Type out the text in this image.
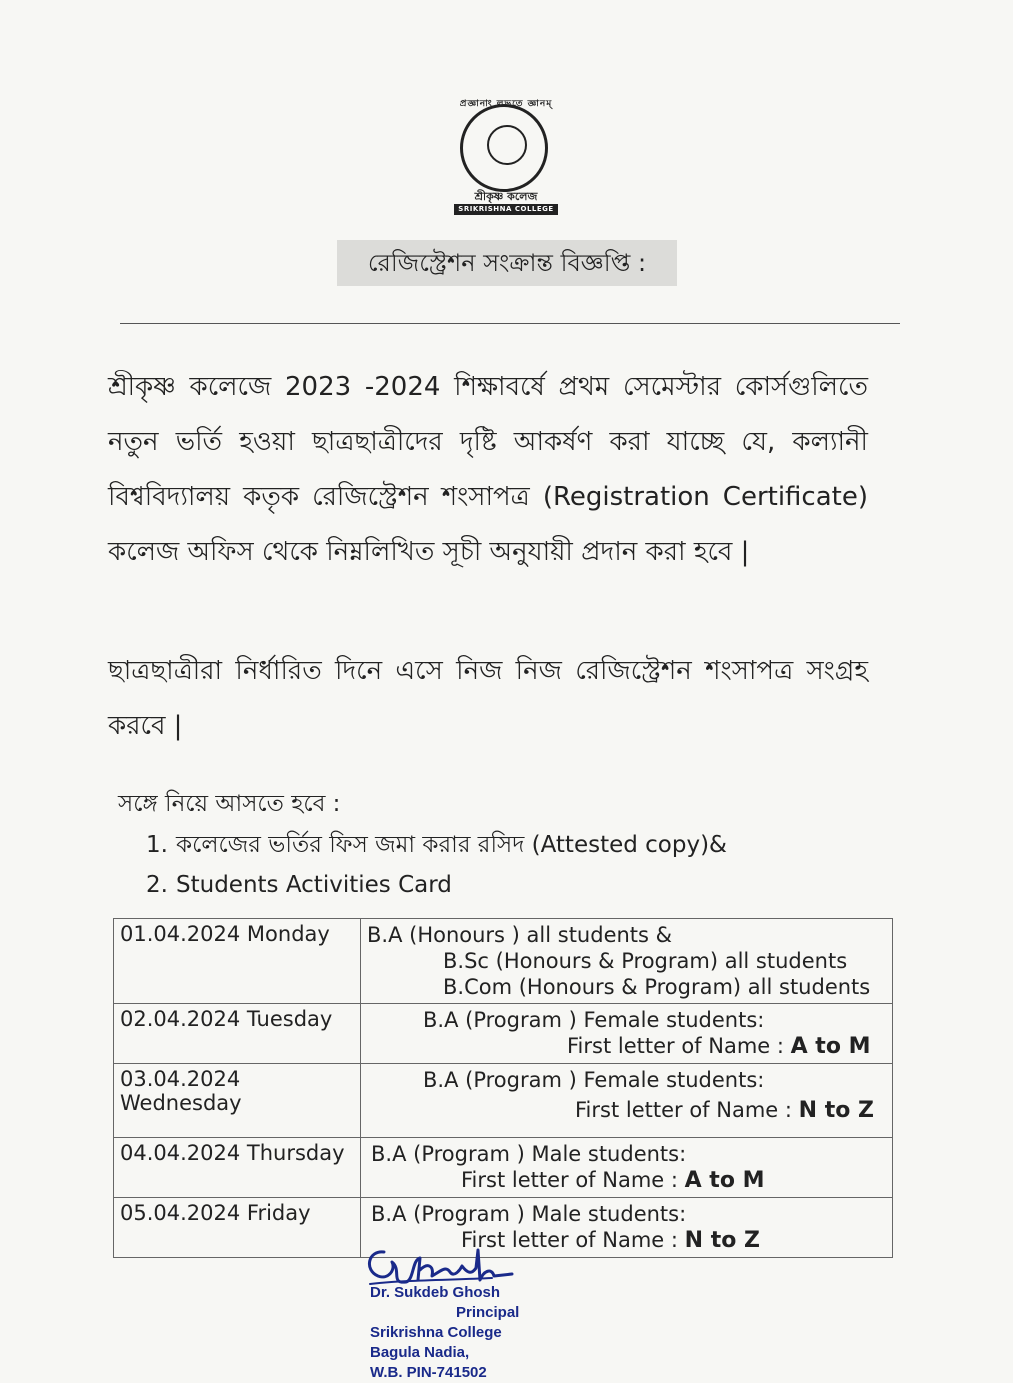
প্রজ্ঞানাং লভতে জ্ঞানম্
শ্রীকৃষ্ণ কলেজ
SRIKRISHNA COLLEGE
রেজিস্ট্রেশন সংক্রান্ত বিজ্ঞপ্তি :
শ্রীকৃষ্ণ কলেজে 2023 -2024 শিক্ষাবর্ষে প্রথম সেমেস্টার কোর্সগুলিতে নতুন ভর্তি হওয়া ছাত্রছাত্রীদের দৃষ্টি আকর্ষণ করা যাচ্ছে যে, কল্যানী বিশ্ববিদ্যালয় কতৃক রেজিস্ট্রেশন শংসাপত্র (Registration Certificate) কলেজ অফিস থেকে নিম্নলিখিত সূচী অনুযায়ী প্রদান করা হবে |
ছাত্রছাত্রীরা নির্ধারিত দিনে এসে নিজ নিজ রেজিস্ট্রেশন শংসাপত্র সংগ্রহ করবে |
সঙ্গে নিয়ে আসতে হবে :
1. কলেজের ভর্তির ফিস জমা করার রসিদ (Attested copy)&
2. Students Activities Card
01.04.2024 Monday	B.A (Honours ) all students &
B.Sc (Honours & Program) all students
B.Com (Honours & Program) all students

02.04.2024 Tuesday	B.A (Program ) Female students:
First letter of Name : A to M

03.04.2024 Wednesday	B.A (Program ) Female students:
First letter of Name : N to Z

04.04.2024 Thursday	B.A (Program ) Male students:
First letter of Name : A to M

05.04.2024 Friday	B.A (Program ) Male students:
First letter of Name : N to Z
Dr. Sukdeb Ghosh
Principal
Srikrishna College
Bagula Nadia,
W.B. PIN-741502
